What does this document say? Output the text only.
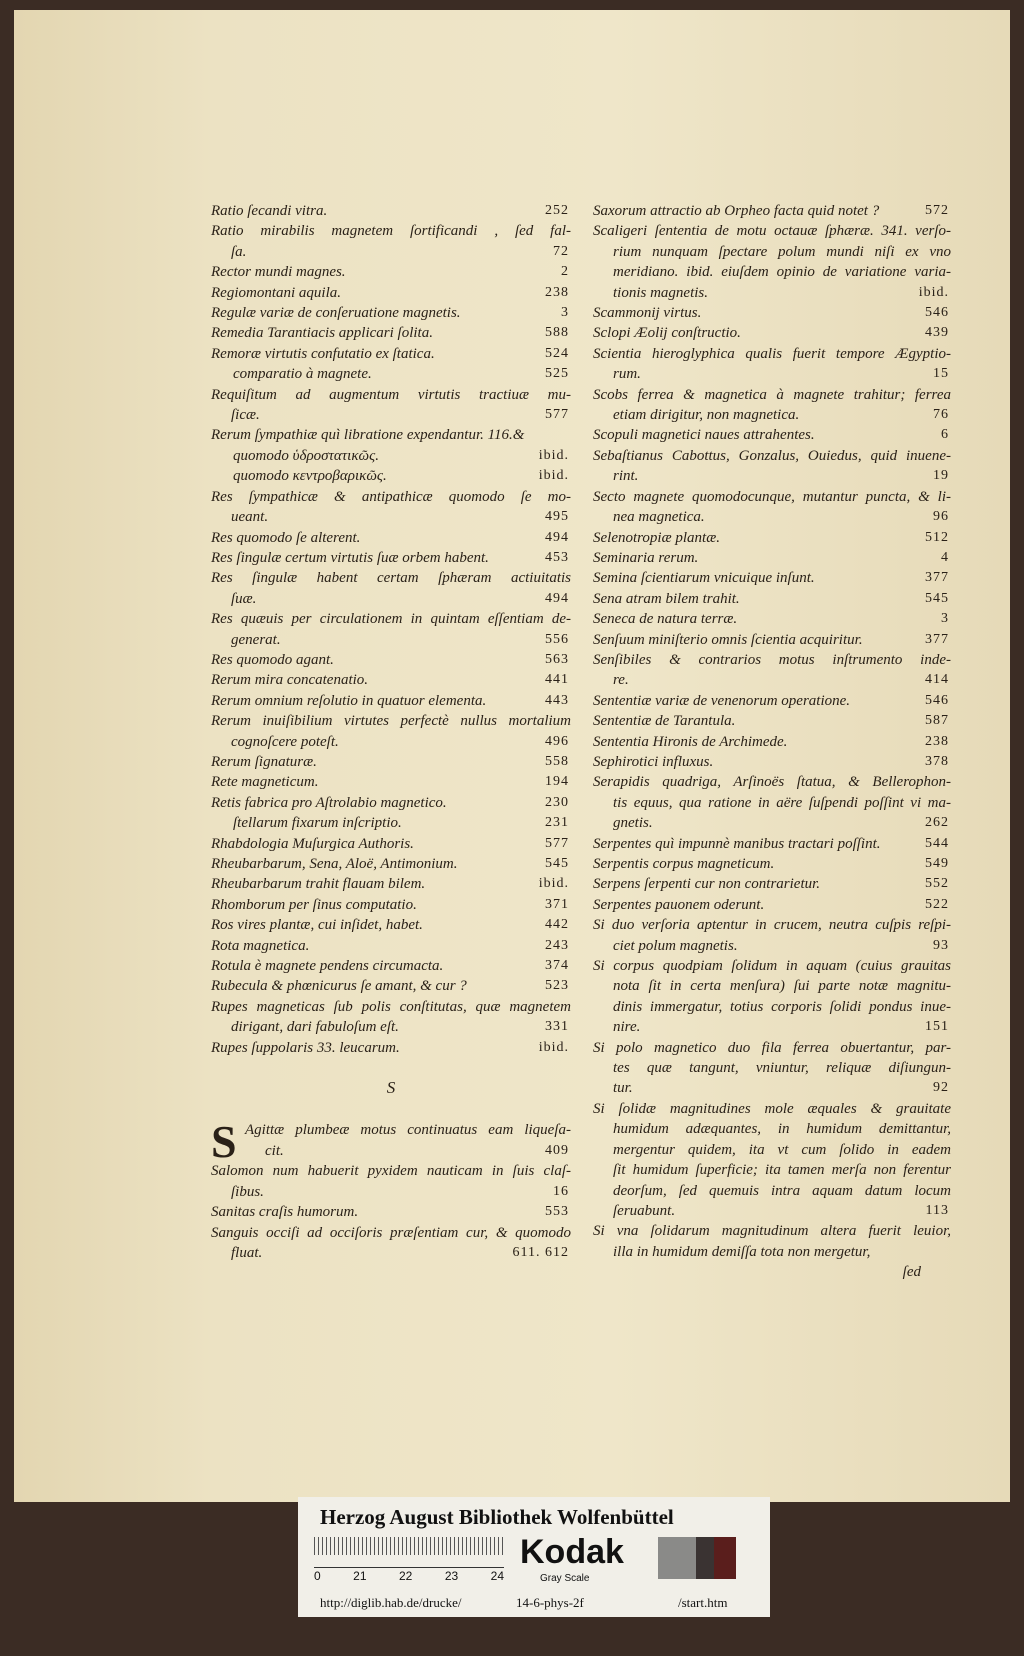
Ratio ſecandi vitra.	252
Ratio mirabilis magnetem ſortificandi , ſed fal-
ſa.	72
Rector mundi magnes.	2
Regiomontani aquila.	238
Regulæ variæ de conſeruatione magnetis.	3
Remedia Tarantiacis applicari ſolita.	588
Remoræ virtutis confutatio ex ſtatica.	524
comparatio à magnete.	525
Requiſitum ad augmentum virtutis tractiuæ mu-
ſicæ.	577
Rerum ſympathiæ quì libratione expendantur. 116.&
quomodo ὑδροστατικῶς.	ibid.
quomodo κεντροβαρικῶς.	ibid.
Res ſympathicæ & antipathicæ quomodo ſe mo-
ueant.	495
Res quomodo ſe alterent.	494
Res ſingulæ certum virtutis ſuæ orbem habent.	453
Res ſingulæ habent certam ſphæram actiuitatis
ſuæ.	494
Res quæuis per circulationem in quintam eſſentiam de-
generat.	556
Res quomodo agant.	563
Rerum mira concatenatio.	441
Rerum omnium reſolutio in quatuor elementa.	443
Rerum inuiſibilium virtutes perfectè nullus mortalium
cognoſcere poteſt.	496
Rerum ſignaturæ.	558
Rete magneticum.	194
Retis fabrica pro Aſtrolabio magnetico.	230
ſtellarum fixarum inſcriptio.	231
Rhabdologia Muſurgica Authoris.	577
Rheubarbarum, Sena, Aloë, Antimonium.	545
Rheubarbarum trahit flauam bilem.	ibid.
Rhomborum per ſinus computatio.	371
Ros vires plantæ, cui inſidet, habet.	442
Rota magnetica.	243
Rotula è magnete pendens circumacta.	374
Rubecula & phœnicurus ſe amant, & cur ?	523
Rupes magneticas ſub polis conſtitutas, quæ magnetem
dirigant, dari fabuloſum eſt.	331
Rupes ſuppolaris 33. leucarum.	ibid.
S
S Agittæ plumbeæ motus continuatus eam liqueſa-
cit.	409
Salomon num habuerit pyxidem nauticam in ſuis claſ-
ſibus.	16
Sanitas craſis humorum.	553
Sanguis occiſi ad occiſoris præſentiam cur, & quomodo
fluat.	611. 612
Saxorum attractio ab Orpheo facta quid notet ?	572
Scaligeri ſententia de motu octauæ ſphæræ. 341. verſo-
rium nunquam ſpectare polum mundi niſi ex vno
meridiano. ibid. eiuſdem opinio de variatione varia-
tionis magnetis.	ibid.
Scammonij virtus.	546
Sclopi Æolij conſtructio.	439
Scientia hieroglyphica qualis fuerit tempore Ægyptio-
rum.	15
Scobs ferrea & magnetica à magnete trahitur; ferrea
etiam dirigitur, non magnetica.	76
Scopuli magnetici naues attrahentes.	6
Sebaſtianus Cabottus, Gonzalus, Ouiedus, quid inuene-
rint.	19
Secto magnete quomodocunque, mutantur puncta, & li-
nea magnetica.	96
Selenotropiæ plantæ.	512
Seminaria rerum.	4
Semina ſcientiarum vnicuique inſunt.	377
Sena atram bilem trahit.	545
Seneca de natura terræ.	3
Senſuum miniſterio omnis ſcientia acquiritur.	377
Senſibiles & contrarios motus inſtrumento inde-
re.	414
Sententiæ variæ de venenorum operatione.	546
Sententiæ de Tarantula.	587
Sententia Hironis de Archimede.	238
Sephirotici influxus.	378
Serapidis quadriga, Arſinoës ſtatua, & Bellerophon-
tis equus, qua ratione in aëre ſuſpendi poſſint vi ma-
gnetis.	262
Serpentes quì impunnè manibus tractari poſſint.	544
Serpentis corpus magneticum.	549
Serpens ſerpenti cur non contrarietur.	552
Serpentes pauonem oderunt.	522
Si duo verſoria aptentur in crucem, neutra cuſpis reſpi-
ciet polum magnetis.	93
Si corpus quodpiam ſolidum in aquam (cuius grauitas
nota ſit in certa menſura) ſui parte notæ magnitu-
dinis immergatur, totius corporis ſolidi pondus inue-
nire.	151
Si polo magnetico duo fila ferrea obuertantur, par-
tes quæ tangunt, vniuntur, reliquæ diſiungun-
tur.	92
Si ſolidæ magnitudines mole æquales & grauitate
humidum adæquantes, in humidum demittantur,
mergentur quidem, ita vt cum ſolido in eadem
ſit humidum ſuperficie; ita tamen merſa non ferentur
deorſum, ſed quemuis intra aquam datum locum
ſeruabunt.	113
Si vna ſolidarum magnitudinum altera fuerit leuior,
illa in humidum demiſſa tota non mergetur,
ſed
Herzog August Bibliothek Wolfenbüttel
0	21	22	23	24
Kodak
Gray Scale
http://diglib.hab.de/drucke/	14-6-phys-2f	/start.htm
